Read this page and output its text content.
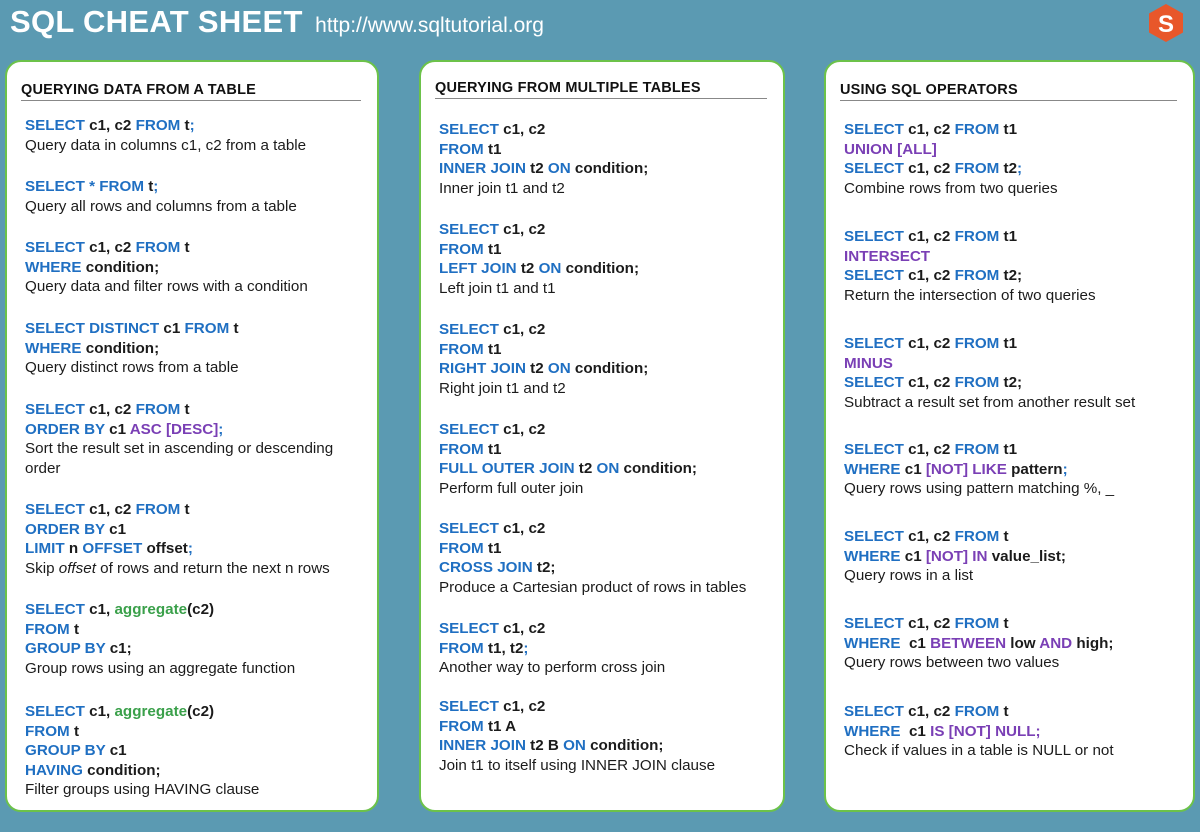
SQL CHEAT SHEET http://www.sqltutorial.org	S
QUERYING DATA FROM A TABLE
SELECT c1, c2 FROM t;
Query data in columns c1, c2 from a table
SELECT * FROM t;
Query all rows and columns from a table
SELECT c1, c2 FROM t
WHERE condition;
Query data and filter rows with a condition
SELECT DISTINCT c1 FROM t
WHERE condition;
Query distinct rows from a table
SELECT c1, c2 FROM t
ORDER BY c1 ASC [DESC];
Sort the result set in ascending or descending
order
SELECT c1, c2 FROM t
ORDER BY c1
LIMIT n OFFSET offset;
Skip offset of rows and return the next n rows
SELECT c1, aggregate(c2)
FROM t
GROUP BY c1;
Group rows using an aggregate function
SELECT c1, aggregate(c2)
FROM t
GROUP BY c1
HAVING condition;
Filter groups using HAVING clause
QUERYING FROM MULTIPLE TABLES
SELECT c1, c2
FROM t1
INNER JOIN t2 ON condition;
Inner join t1 and t2
SELECT c1, c2
FROM t1
LEFT JOIN t2 ON condition;
Left join t1 and t1
SELECT c1, c2
FROM t1
RIGHT JOIN t2 ON condition;
Right join t1 and t2
SELECT c1, c2
FROM t1
FULL OUTER JOIN t2 ON condition;
Perform full outer join
SELECT c1, c2
FROM t1
CROSS JOIN t2;
Produce a Cartesian product of rows in tables
SELECT c1, c2
FROM t1, t2;
Another way to perform cross join
SELECT c1, c2
FROM t1 A
INNER JOIN t2 B ON condition;
Join t1 to itself using INNER JOIN clause
USING SQL OPERATORS
SELECT c1, c2 FROM t1
UNION [ALL]
SELECT c1, c2 FROM t2;
Combine rows from two queries
SELECT c1, c2 FROM t1
INTERSECT
SELECT c1, c2 FROM t2;
Return the intersection of two queries
SELECT c1, c2 FROM t1
MINUS
SELECT c1, c2 FROM t2;
Subtract a result set from another result set
SELECT c1, c2 FROM t1
WHERE c1 [NOT] LIKE pattern;
Query rows using pattern matching %, _
SELECT c1, c2 FROM t
WHERE c1 [NOT] IN value_list;
Query rows in a list
SELECT c1, c2 FROM t
WHERE  c1 BETWEEN low AND high;
Query rows between two values
SELECT c1, c2 FROM t
WHERE  c1 IS [NOT] NULL;
Check if values in a table is NULL or not
